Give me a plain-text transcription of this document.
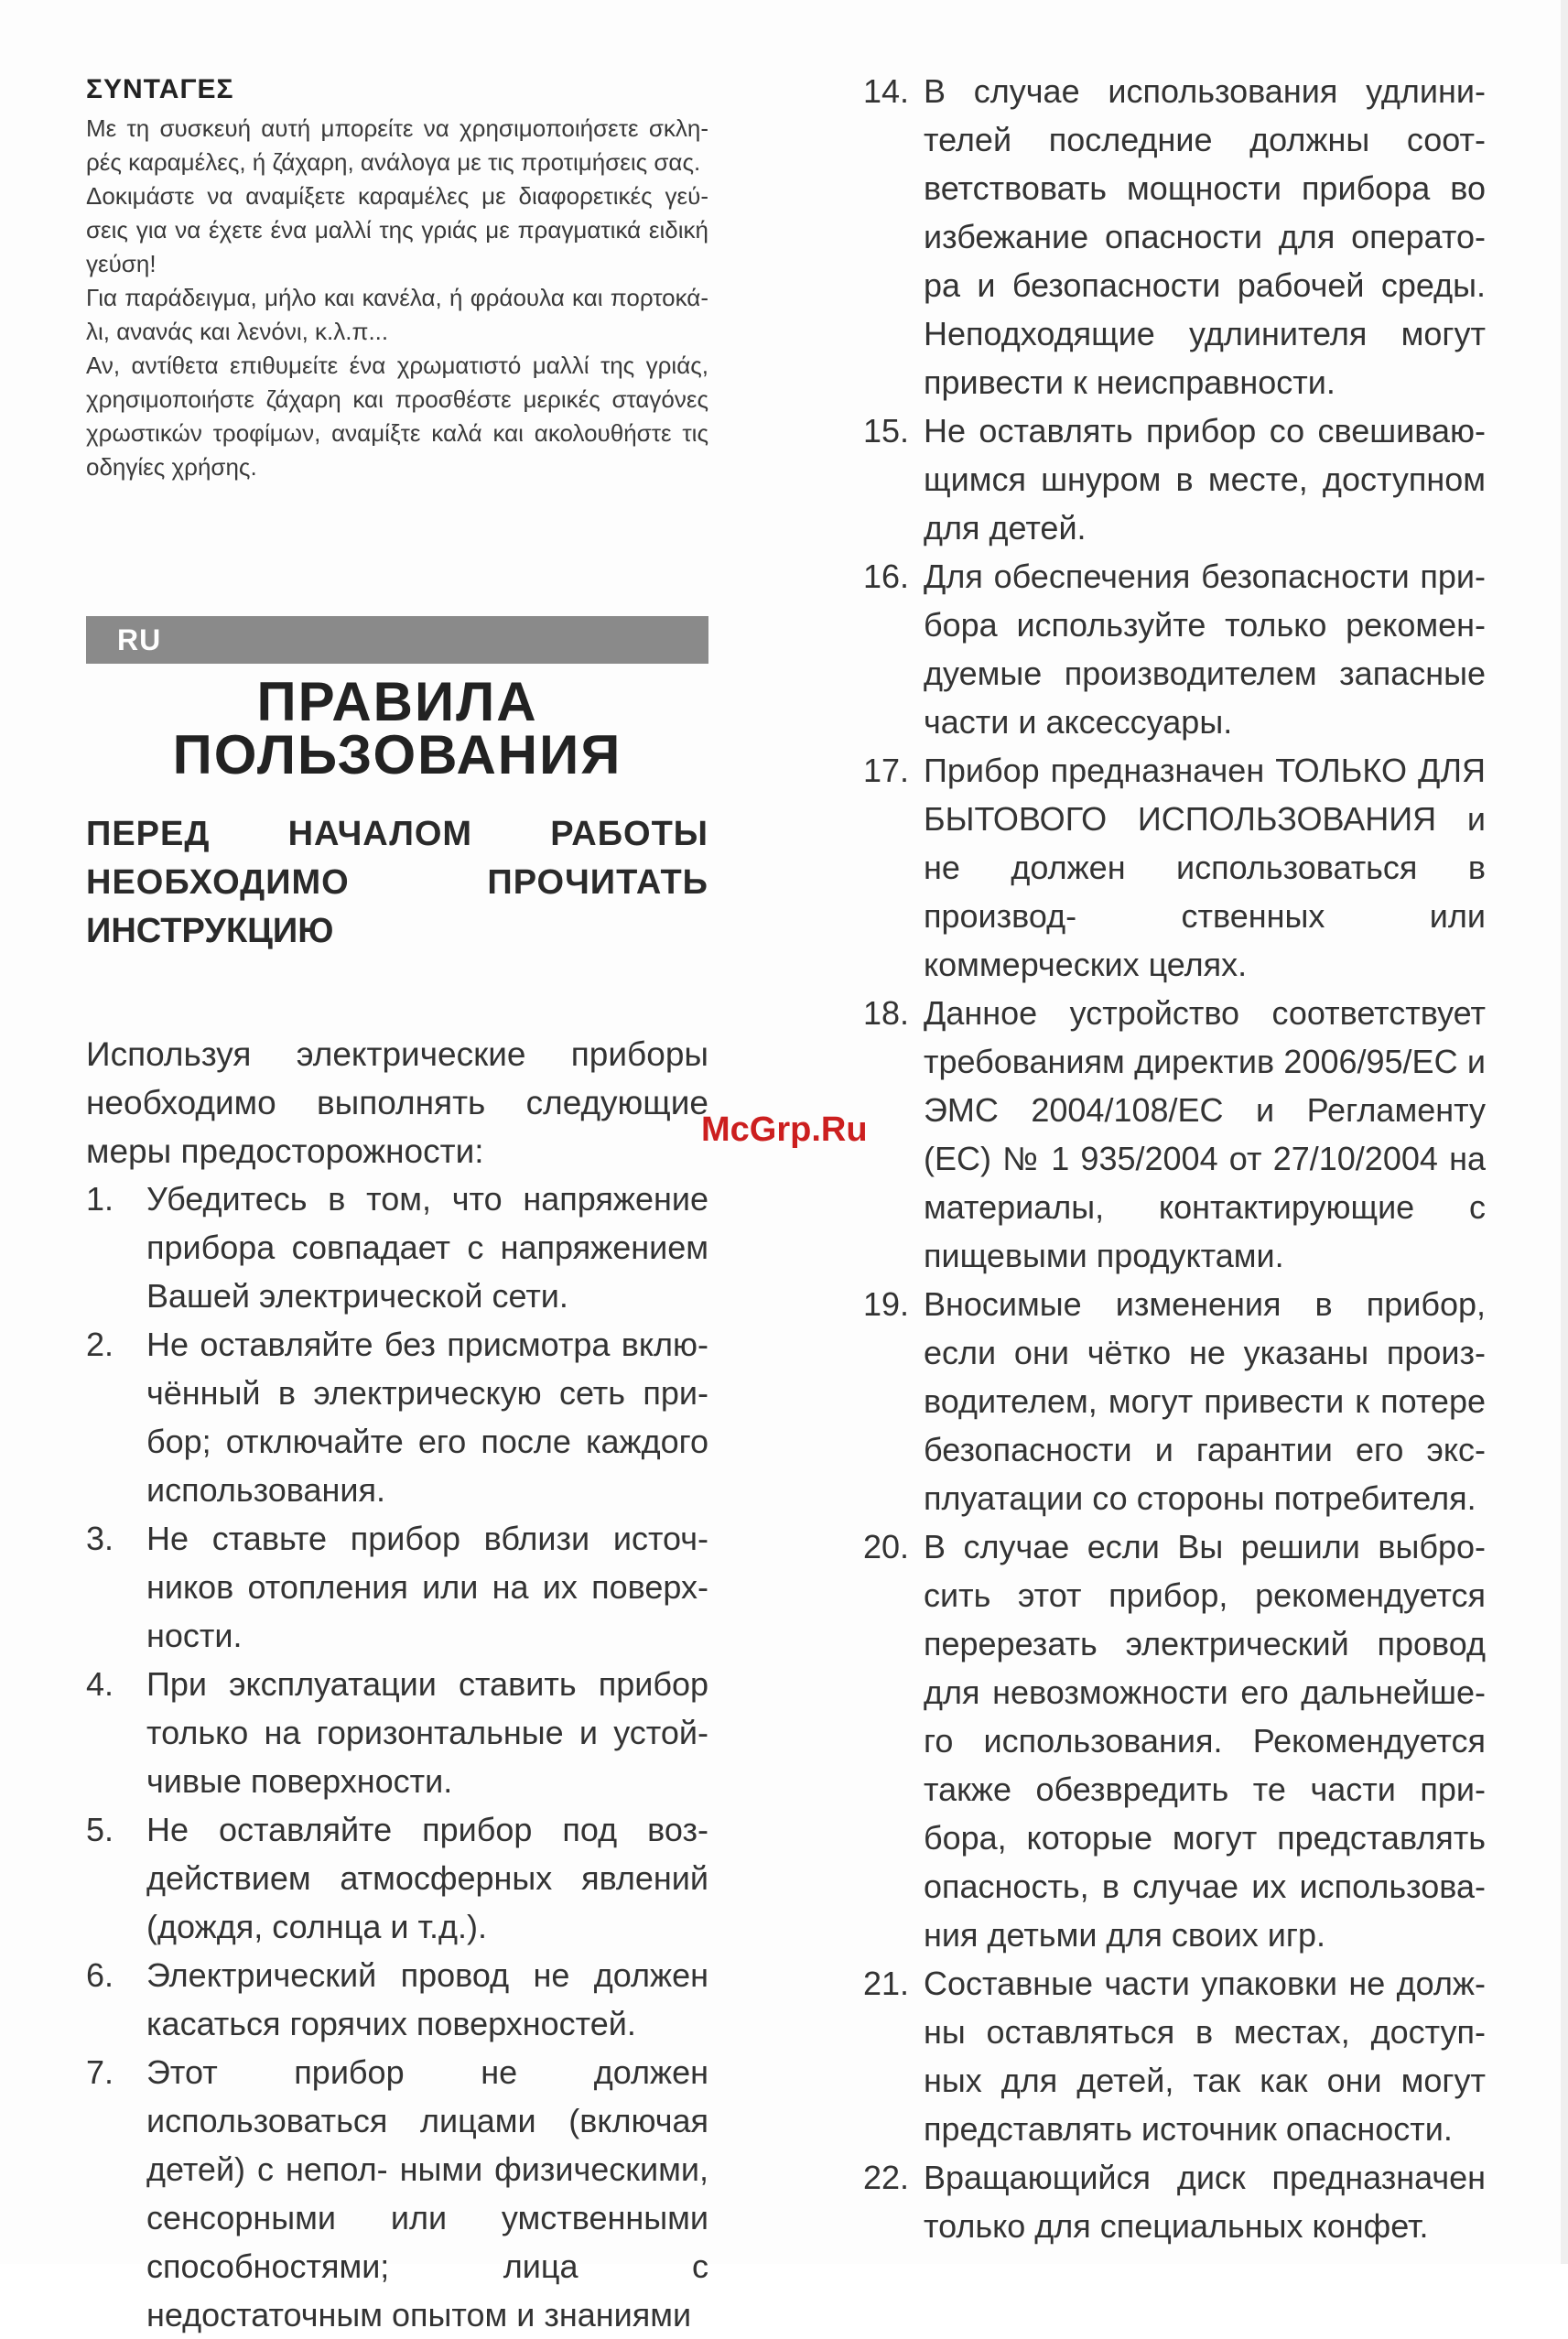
ΣΥΝΤΑΓΕΣ

Με τη συσκευή αυτή μπορείτε να χρησιμοποιήσετε σκλη- ρές καραμέλες, ή ζάχαρη, ανάλογα με τις προτιμήσεις σας.

Δοκιμάστε να αναμίξετε καραμέλες με διαφορετικές γεύ- σεις για να έχετε ένα μαλλί της γριάς με πραγματικά ειδική γεύση!

Για παράδειγμα, μήλο και κανέλα, ή φράουλα και πορτοκά- λι, ανανάς και λενόνι, κ.λ.π...

Αν, αντίθετα επιθυμείτε ένα χρωματιστό μαλλί της γριάς, χρησιμοποιήστε ζάχαρη και προσθέστε μερικές σταγόνες χρωστικών τροφίμων, αναμίξτε καλά και ακολουθήστε τις οδηγίες χρήσης.

RU
ПРАВИЛА
ПОЛЬЗОВАНИЯ
ПЕРЕД НАЧАЛОМ РАБОТЫ
НЕОБХОДИМО ПРОЧИТАТЬ
ИНСТРУКЦИЮ
Используя электрические приборы необходимо выполнять следующие меры предосторожности:
1. Убедитесь в том, что напряжение прибора совпадает с напряжением Вашей электрической сети.
2. Не оставляйте без присмотра вклю- чённый в электрическую сеть при- бор; отключайте его после каждого использования.
3. Не ставьте прибор вблизи источ- ников отопления или на их поверх- ности.
4. При эксплуатации ставить прибор только на горизонтальные и устой- чивые поверхности.
5. Не оставляйте прибор под воз- действием атмосферных явлений (дождя, солнца и т.д.).
6. Электрический провод не должен касаться горячих поверхностей.
7. Этот прибор не должен использоваться лицами (включая детей) с непол- ными физическими, сенсорными или умственными способностями; лица с недостаточным опытом и знаниями
14. В случае использования удлини- телей последние должны соот- ветствовать мощности прибора во избежание опасности для операто- ра и безопасности рабочей среды. Неподходящие удлинителя могут привести к неисправности.
15. Не оставлять прибор со свешиваю- щимся шнуром в месте, доступном для детей.
16. Для обеспечения безопасности при- бора используйте только рекомен- дуемые производителем запасные части и аксессуары.
17. Прибор предназначен ТОЛЬКО ДЛЯ БЫТОВОГО ИСПОЛЬЗОВАНИЯ и не должен использоваться в производ- ственных или коммерческих целях.
18. Данное устройство соответствует требованиям директив 2006/95/ЕС и ЭМС 2004/108/ЕС и Регламенту (ЕС) № 1 935/2004 от 27/10/2004 на материалы, контактирующие с пищевыми продуктами.
19. Вносимые изменения в прибор, если они чётко не указаны произ- водителем, могут привести к потере безопасности и гарантии его экс- плуатации со стороны потребителя.
20. В случае если Вы решили выбро- сить этот прибор, рекомендуется перерезать электрический провод для невозможности его дальнейше- го использования. Рекомендуется также обезвредить те части при- бора, которые могут представлять опасность, в случае их использова- ния детьми для своих игр.
21. Составные части упаковки не долж- ны оставляться в местах, доступ- ных для детей, так как они могут представлять источник опасности.
22. Вращающийся диск предназначен только для специальных конфет.
McGrp.Ru
